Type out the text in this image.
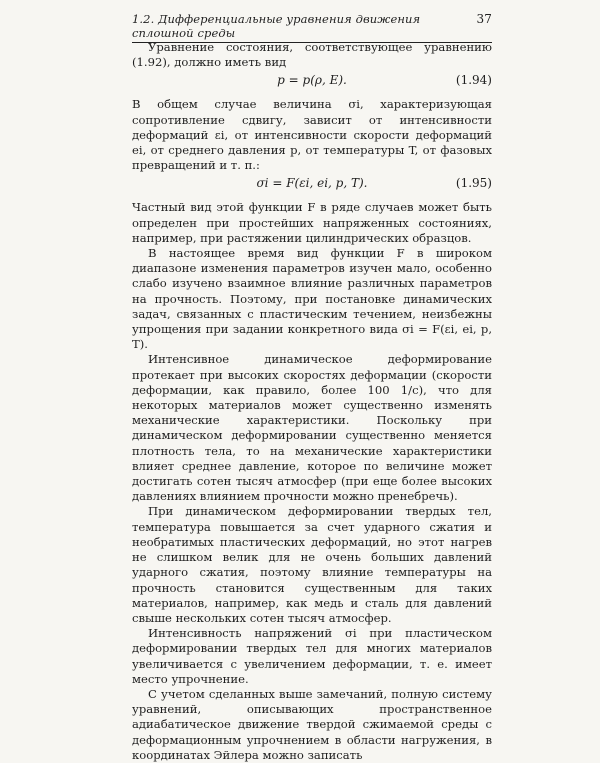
1.2. Дифференциальные уравнения движения сплошной среды
37

Уравнение состояния, соответствующее уравнению (1.92), должно иметь вид

p = p(ρ, E).	(1.94)

В общем случае величина σi, характеризующая сопротивление сдвигу, зависит от интенсивности деформаций εi, от интенсивности скорости деформаций ei, от среднего давления p, от температуры T, от фазовых превращений и т. п.:

σi = F(εi, ei, p, T).	(1.95)

Частный вид этой функции F в ряде случаев может быть определен при простейших напряженных состояниях, например, при растяжении цилиндрических образцов.

В настоящее время вид функции F в широком диапазоне изменения параметров изучен мало, особенно слабо изучено взаимное влияние различных параметров на прочность. Поэтому, при постановке динамических задач, связанных с пластическим течением, неизбежны упрощения при задании конкретного вида σi = F(εi, ei, p, T).

Интенсивное динамическое деформирование протекает при высоких скоростях деформации (скорости деформации, как правило, более 100 1/c), что для некоторых материалов может существенно изменять механические характеристики. Поскольку при динамическом деформировании существенно меняется плотность тела, то на механические характеристики влияет среднее давление, которое по величине может достигать сотен тысяч атмосфер (при еще более высоких давлениях влиянием прочности можно пренебречь).

При динамическом деформировании твердых тел, температура повышается за счет ударного сжатия и необратимых пластических деформаций, но этот нагрев не слишком велик для не очень больших давлений ударного сжатия, поэтому влияние температуры на прочность становится существенным для таких материалов, например, как медь и сталь для давлений свыше нескольких сотен тысяч атмосфер.

Интенсивность напряжений σi при пластическом деформировании твердых тел для многих материалов увеличивается с увеличением деформации, т. е. имеет место упрочнение.

С учетом сделанных выше замечаний, полную систему уравнений, описывающих пространственное адиабатическое движение твердой сжимаемой среды с деформационным упрочнением в области нагружения, в координатах Эйлера можно записать
